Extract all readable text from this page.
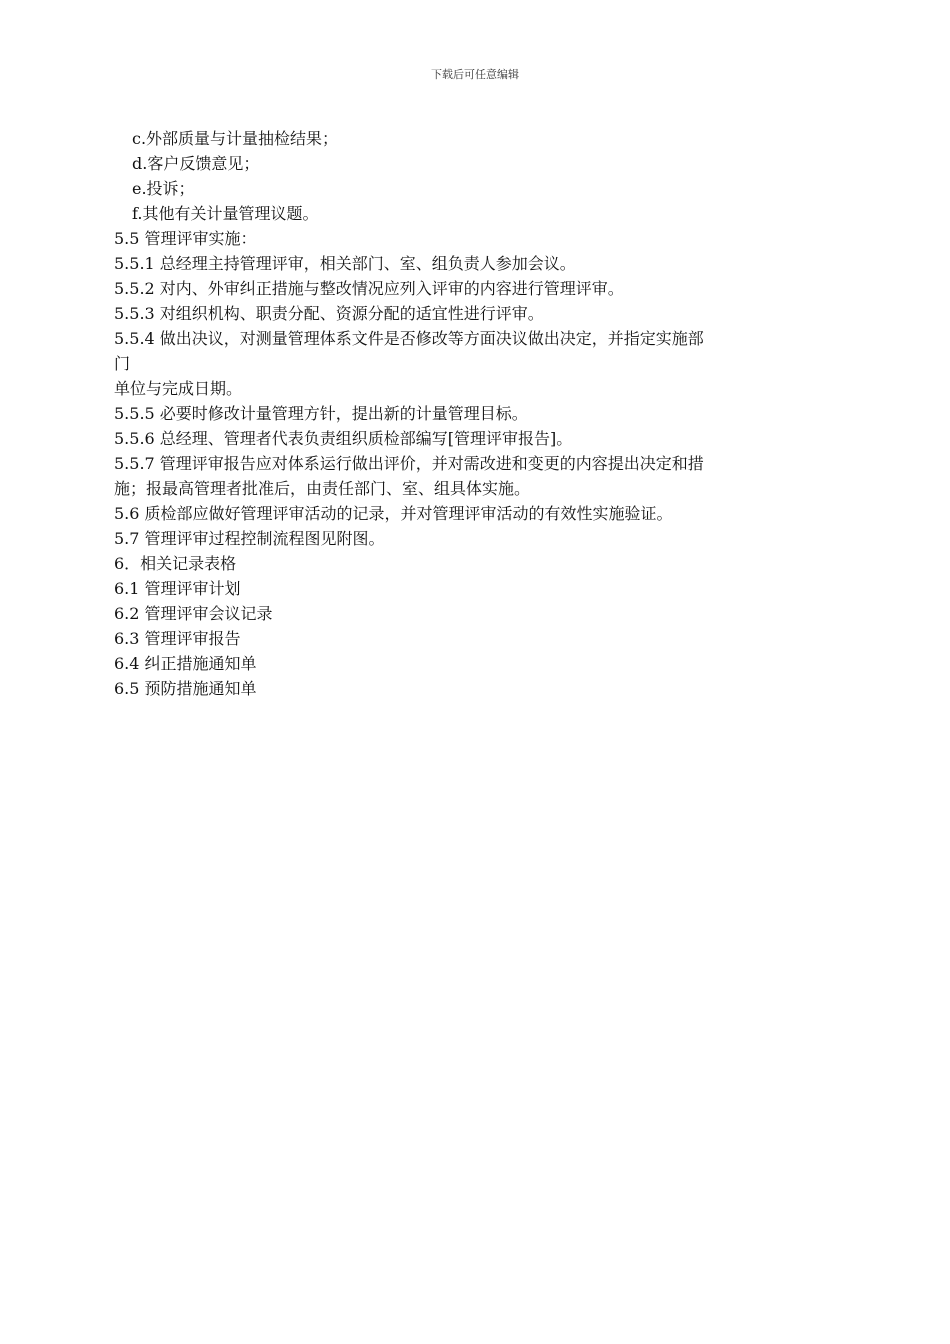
下载后可任意编辑
c.外部质量与计量抽检结果；
d.客户反馈意见；
e.投诉；
f.其他有关计量管理议题。
5.5 管理评审实施：
5.5.1 总经理主持管理评审，相关部门、室、组负责人参加会议。
5.5.2 对内、外审纠正措施与整改情况应列入评审的内容进行管理评审。
5.5.3 对组织机构、职责分配、资源分配的适宜性进行评审。
5.5.4 做出决议，对测量管理体系文件是否修改等方面决议做出决定，并指定实施部
门
单位与完成日期。
5.5.5 必要时修改计量管理方针，提出新的计量管理目标。
5.5.6 总经理、管理者代表负责组织质检部编写[管理评审报告]。
5.5.7 管理评审报告应对体系运行做出评价，并对需改进和变更的内容提出决定和措
施；报最高管理者批准后，由责任部门、室、组具体实施。
5.6 质检部应做好管理评审活动的记录，并对管理评审活动的有效性实施验证。
5.7 管理评审过程控制流程图见附图。
6．相关记录表格
6.1 管理评审计划
6.2 管理评审会议记录
6.3 管理评审报告
6.4 纠正措施通知单
6.5 预防措施通知单
